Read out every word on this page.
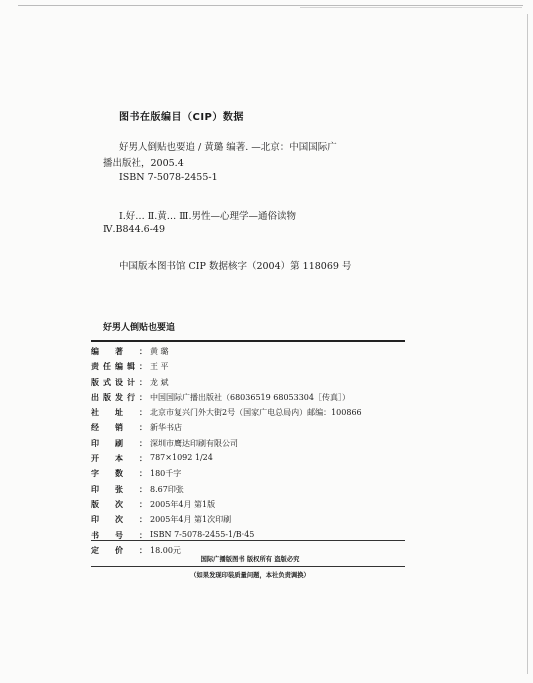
图书在版编目（CIP）数据
好男人倒贴也要追 / 黄璐 编著. —北京：中国国际广
播出版社，2005.4
ISBN 7-5078-2455-1
Ⅰ.好… Ⅱ.黄… Ⅲ.男性—心理学—通俗读物
Ⅳ.B844.6-49
中国版本图书馆 CIP 数据核字（2004）第 118069 号
好男人倒贴也要追
编 著 ： 黄 璐
责 任 编 辑 ： 王 平
版 式 设 计 ： 龙 斌
出 版 发 行 ： 中国国际广播出版社（68036519 68053304［传真］）
社 址 ： 北京市复兴门外大街2号（国家广电总局内）邮编：100866
经 销 ： 新华书店
印 刷 ： 深圳市鹰达印刷有限公司
开 本 ： 787×1092 1/24
字 数 ： 180千字
印 张 ： 8.67印张
版 次 ： 2005年4月 第1版
印 次 ： 2005年4月 第1次印刷
书 号 ： ISBN 7-5078-2455-1/B·45
定 价 ： 18.00元
国际广播版图书 版权所有 盗版必究
（如果发现印装质量问题，本社负责调换）
